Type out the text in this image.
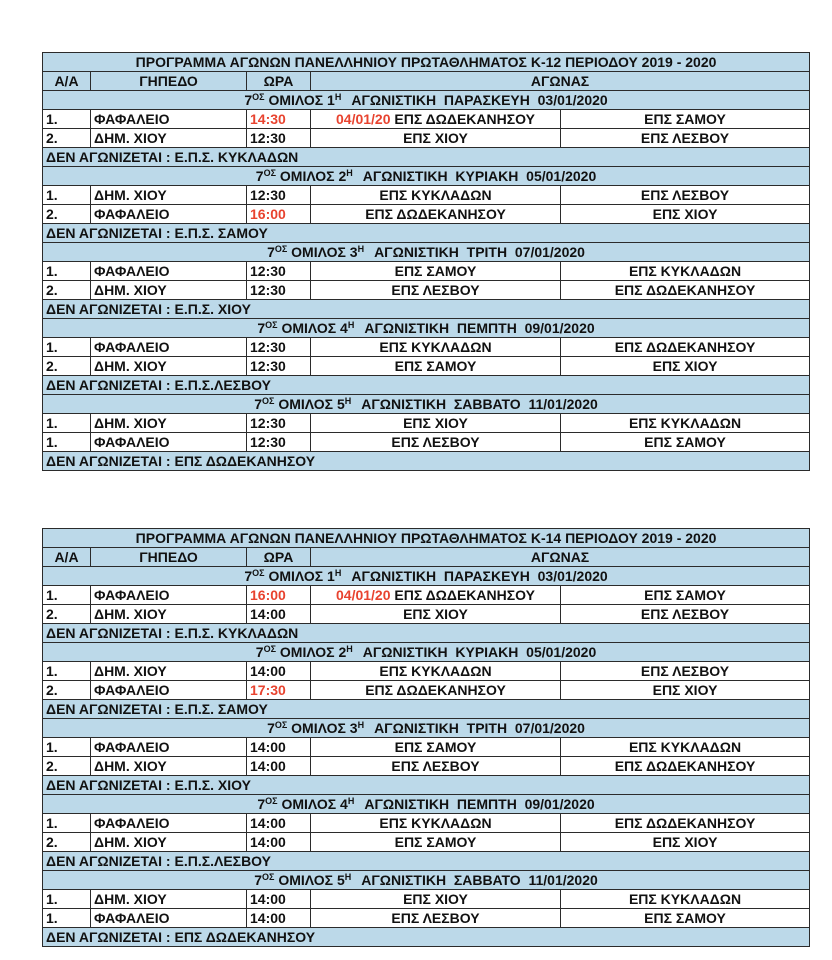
ΠΡΟΓΡΑΜΜΑ ΑΓΩΝΩΝ ΠΑΝΕΛΛΗΝΙΟΥ ΠΡΩΤΑΘΛΗΜΑΤΟΣ Κ-12 ΠΕΡΙΟΔΟΥ 2019 - 2020				
Α/Α	ΓΗΠΕΔΟ	ΩΡΑ	ΑΓΩΝΑΣ	
$7^{O\Sigma}$ ΟΜΙΛΟΣ $1^H$ ΑΓΩΝΙΣΤΙΚΗ  ΠΑΡΑΣΚΕΥΗ  03/01/2020				
1.	ΦΑΦΑΛΕΙΟ	14:30	04/01/20 ΕΠΣ ΔΩΔΕΚΑΝΗΣΟΥ	ΕΠΣ ΣΑΜΟΥ
2.	ΔΗΜ. ΧΙΟΥ	12:30	ΕΠΣ ΧΙΟΥ	ΕΠΣ ΛΕΣΒΟΥ
ΔΕΝ ΑΓΩΝΙΖΕΤΑΙ : Ε.Π.Σ. ΚΥΚΛΑΔΩΝ				
$7^{O\Sigma}$ ΟΜΙΛΟΣ $2^H$ ΑΓΩΝΙΣΤΙΚΗ  ΚΥΡΙΑΚΗ  05/01/2020				
1.	ΔΗΜ. ΧΙΟΥ	12:30	ΕΠΣ ΚΥΚΛΑΔΩΝ	ΕΠΣ ΛΕΣΒΟΥ
2.	ΦΑΦΑΛΕΙΟ	16:00	ΕΠΣ ΔΩΔΕΚΑΝΗΣΟΥ	ΕΠΣ ΧΙΟΥ
ΔΕΝ ΑΓΩΝΙΖΕΤΑΙ : Ε.Π.Σ. ΣΑΜΟΥ				
$7^{O\Sigma}$ ΟΜΙΛΟΣ $3^H$ ΑΓΩΝΙΣΤΙΚΗ  ΤΡΙΤΗ  07/01/2020				
1.	ΦΑΦΑΛΕΙΟ	12:30	ΕΠΣ ΣΑΜΟΥ	ΕΠΣ ΚΥΚΛΑΔΩΝ
2.	ΔΗΜ. ΧΙΟΥ	12:30	ΕΠΣ ΛΕΣΒΟΥ	ΕΠΣ ΔΩΔΕΚΑΝΗΣΟΥ
ΔΕΝ ΑΓΩΝΙΖΕΤΑΙ : Ε.Π.Σ. ΧΙΟΥ				
$7^{O\Sigma}$ ΟΜΙΛΟΣ $4^H$ ΑΓΩΝΙΣΤΙΚΗ  ΠΕΜΠΤΗ  09/01/2020				
1.	ΦΑΦΑΛΕΙΟ	12:30	ΕΠΣ ΚΥΚΛΑΔΩΝ	ΕΠΣ ΔΩΔΕΚΑΝΗΣΟΥ
2.	ΔΗΜ. ΧΙΟΥ	12:30	ΕΠΣ ΣΑΜΟΥ	ΕΠΣ ΧΙΟΥ
ΔΕΝ ΑΓΩΝΙΖΕΤΑΙ : Ε.Π.Σ.ΛΕΣΒΟΥ				
$7^{O\Sigma}$ ΟΜΙΛΟΣ $5^H$ ΑΓΩΝΙΣΤΙΚΗ  ΣΑΒΒΑΤΟ  11/01/2020				
1.	ΔΗΜ. ΧΙΟΥ	12:30	ΕΠΣ ΧΙΟΥ	ΕΠΣ ΚΥΚΛΑΔΩΝ
1.	ΦΑΦΑΛΕΙΟ	12:30	ΕΠΣ ΛΕΣΒΟΥ	ΕΠΣ ΣΑΜΟΥ
ΔΕΝ ΑΓΩΝΙΖΕΤΑΙ : ΕΠΣ ΔΩΔΕΚΑΝΗΣΟΥ				
ΠΡΟΓΡΑΜΜΑ ΑΓΩΝΩΝ ΠΑΝΕΛΛΗΝΙΟΥ ΠΡΩΤΑΘΛΗΜΑΤΟΣ Κ-14 ΠΕΡΙΟΔΟΥ 2019 - 2020				
Α/Α	ΓΗΠΕΔΟ	ΩΡΑ	ΑΓΩΝΑΣ	
$7^{O\Sigma}$ ΟΜΙΛΟΣ $1^H$ ΑΓΩΝΙΣΤΙΚΗ  ΠΑΡΑΣΚΕΥΗ  03/01/2020				
1.	ΦΑΦΑΛΕΙΟ	16:00	04/01/20 ΕΠΣ ΔΩΔΕΚΑΝΗΣΟΥ	ΕΠΣ ΣΑΜΟΥ
2.	ΔΗΜ. ΧΙΟΥ	14:00	ΕΠΣ ΧΙΟΥ	ΕΠΣ ΛΕΣΒΟΥ
ΔΕΝ ΑΓΩΝΙΖΕΤΑΙ : Ε.Π.Σ. ΚΥΚΛΑΔΩΝ				
$7^{O\Sigma}$ ΟΜΙΛΟΣ $2^H$ ΑΓΩΝΙΣΤΙΚΗ  ΚΥΡΙΑΚΗ  05/01/2020				
1.	ΔΗΜ. ΧΙΟΥ	14:00	ΕΠΣ ΚΥΚΛΑΔΩΝ	ΕΠΣ ΛΕΣΒΟΥ
2.	ΦΑΦΑΛΕΙΟ	17:30	ΕΠΣ ΔΩΔΕΚΑΝΗΣΟΥ	ΕΠΣ ΧΙΟΥ
ΔΕΝ ΑΓΩΝΙΖΕΤΑΙ : Ε.Π.Σ. ΣΑΜΟΥ				
$7^{O\Sigma}$ ΟΜΙΛΟΣ $3^H$ ΑΓΩΝΙΣΤΙΚΗ  ΤΡΙΤΗ  07/01/2020				
1.	ΦΑΦΑΛΕΙΟ	14:00	ΕΠΣ ΣΑΜΟΥ	ΕΠΣ ΚΥΚΛΑΔΩΝ
2.	ΔΗΜ. ΧΙΟΥ	14:00	ΕΠΣ ΛΕΣΒΟΥ	ΕΠΣ ΔΩΔΕΚΑΝΗΣΟΥ
ΔΕΝ ΑΓΩΝΙΖΕΤΑΙ : Ε.Π.Σ. ΧΙΟΥ				
$7^{O\Sigma}$ ΟΜΙΛΟΣ $4^H$ ΑΓΩΝΙΣΤΙΚΗ  ΠΕΜΠΤΗ  09/01/2020				
1.	ΦΑΦΑΛΕΙΟ	14:00	ΕΠΣ ΚΥΚΛΑΔΩΝ	ΕΠΣ ΔΩΔΕΚΑΝΗΣΟΥ
2.	ΔΗΜ. ΧΙΟΥ	14:00	ΕΠΣ ΣΑΜΟΥ	ΕΠΣ ΧΙΟΥ
ΔΕΝ ΑΓΩΝΙΖΕΤΑΙ : Ε.Π.Σ.ΛΕΣΒΟΥ				
$7^{O\Sigma}$ ΟΜΙΛΟΣ $5^H$ ΑΓΩΝΙΣΤΙΚΗ  ΣΑΒΒΑΤΟ  11/01/2020				
1.	ΔΗΜ. ΧΙΟΥ	14:00	ΕΠΣ ΧΙΟΥ	ΕΠΣ ΚΥΚΛΑΔΩΝ
1.	ΦΑΦΑΛΕΙΟ	14:00	ΕΠΣ ΛΕΣΒΟΥ	ΕΠΣ ΣΑΜΟΥ
ΔΕΝ ΑΓΩΝΙΖΕΤΑΙ : ΕΠΣ ΔΩΔΕΚΑΝΗΣΟΥ				
